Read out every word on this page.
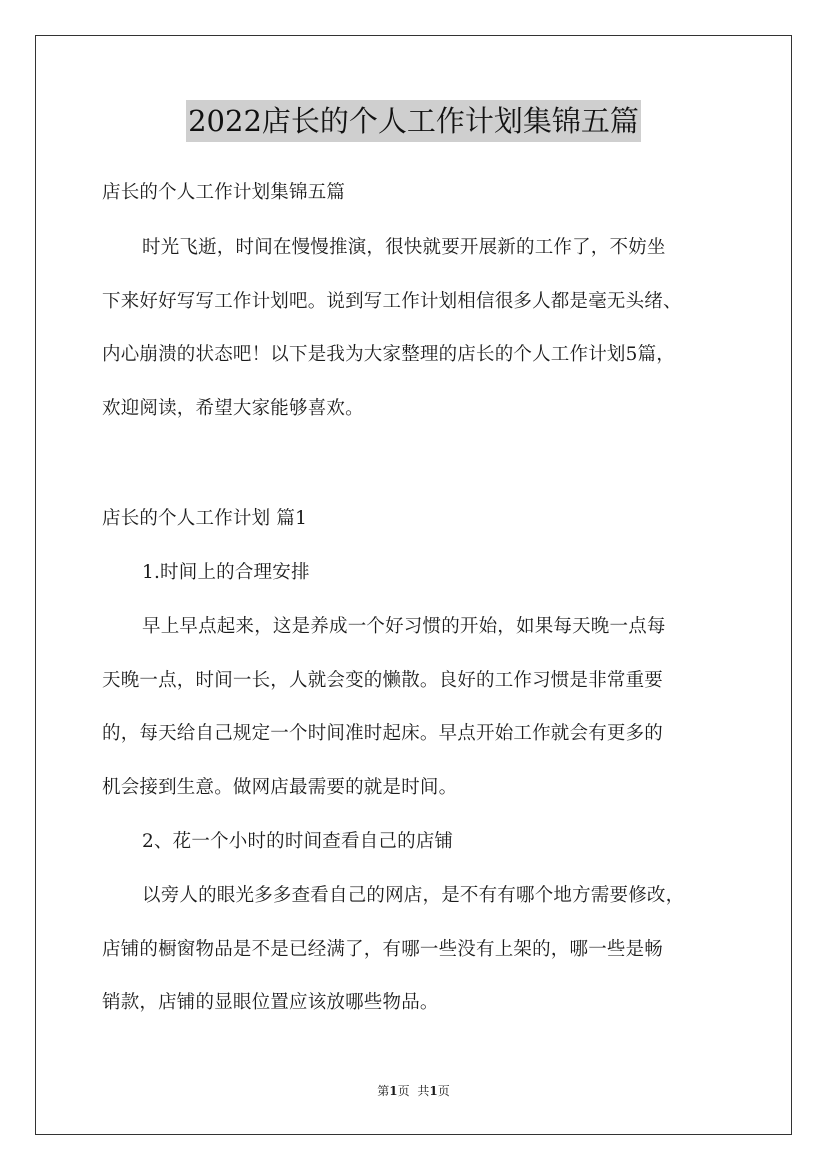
2022店长的个人工作计划集锦五篇
店长的个人工作计划集锦五篇
时光飞逝，时间在慢慢推演，很快就要开展新的工作了，不妨坐
下来好好写写工作计划吧。说到写工作计划相信很多人都是毫无头绪、
内心崩溃的状态吧！以下是我为大家整理的店长的个人工作计划5篇，
欢迎阅读，希望大家能够喜欢。
店长的个人工作计划 篇1
1.时间上的合理安排
早上早点起来，这是养成一个好习惯的开始，如果每天晚一点每
天晚一点，时间一长，人就会变的懒散。良好的工作习惯是非常重要
的，每天给自己规定一个时间准时起床。早点开始工作就会有更多的
机会接到生意。做网店最需要的就是时间。
2、花一个小时的时间查看自己的店铺
以旁人的眼光多多查看自己的网店，是不有有哪个地方需要修改，
店铺的橱窗物品是不是已经满了，有哪一些没有上架的，哪一些是畅
销款，店铺的显眼位置应该放哪些物品。
第1页 共1页
